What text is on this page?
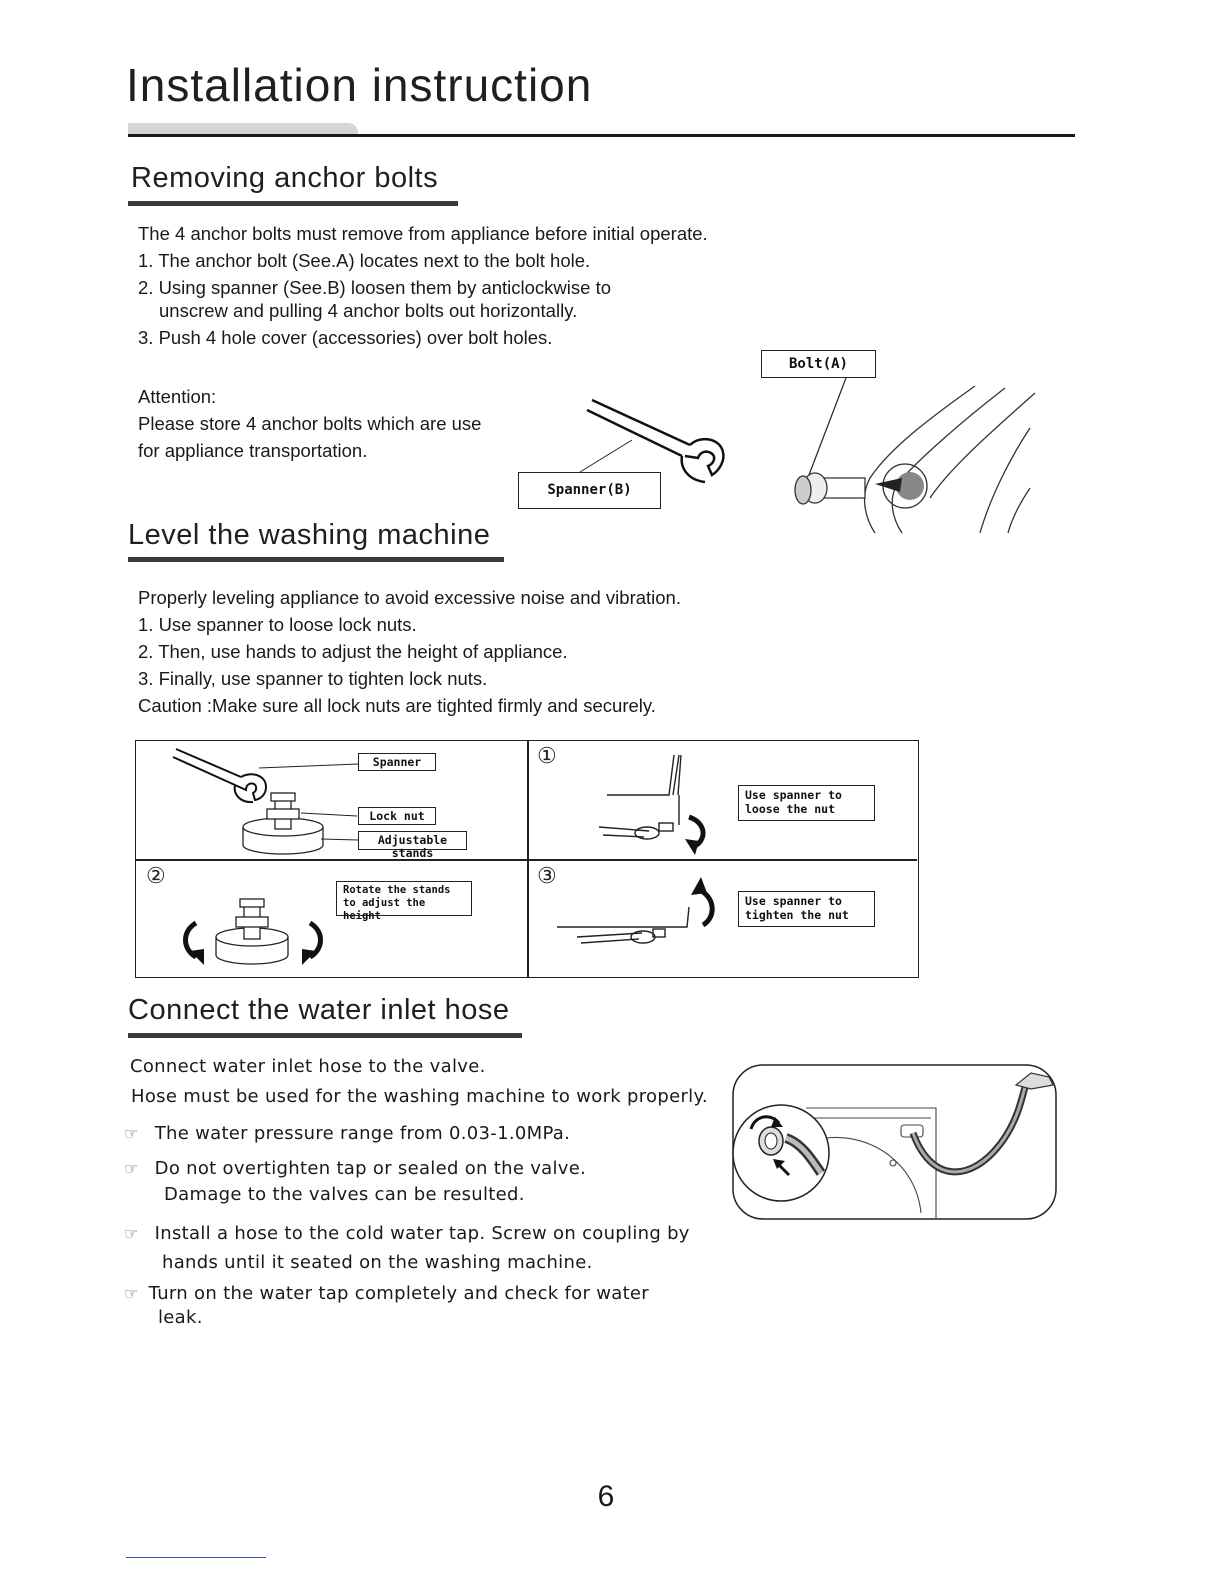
Installation instruction
Removing anchor bolts
The 4 anchor bolts must remove from appliance before initial operate.
1. The anchor bolt (See.A) locates next to the bolt hole.
2. Using spanner (See.B) loosen them by anticlockwise to
unscrew and pulling 4 anchor bolts out horizontally.
3. Push 4 hole cover (accessories) over bolt holes.
Attention:
Please store 4 anchor bolts which are use
for appliance transportation.
Spanner(B)
Bolt(A)
Level the washing machine
Properly leveling appliance to avoid excessive noise and vibration.
1. Use spanner to loose lock nuts.
2. Then, use hands to adjust the height of appliance.
3. Finally, use spanner to tighten lock nuts.
Caution :Make sure all lock nuts are tighted firmly and securely.
Spanner
Lock nut
Adjustable stands
①
Use spanner to
loose the nut
②
Rotate the stands
to adjust the height
③
Use spanner to
tighten the nut
Connect the water inlet hose
Connect water inlet hose to the valve.
Hose must be used for the washing machine to work properly.
☞ The water pressure range from 0.03-1.0MPa.
☞ Do not overtighten tap or sealed on the valve.
Damage to the valves can be resulted.
☞ Install a hose to the cold water tap. Screw on coupling by
hands until it seated on the washing machine.
☞ Turn on the water tap completely and check for water
leak.
6
